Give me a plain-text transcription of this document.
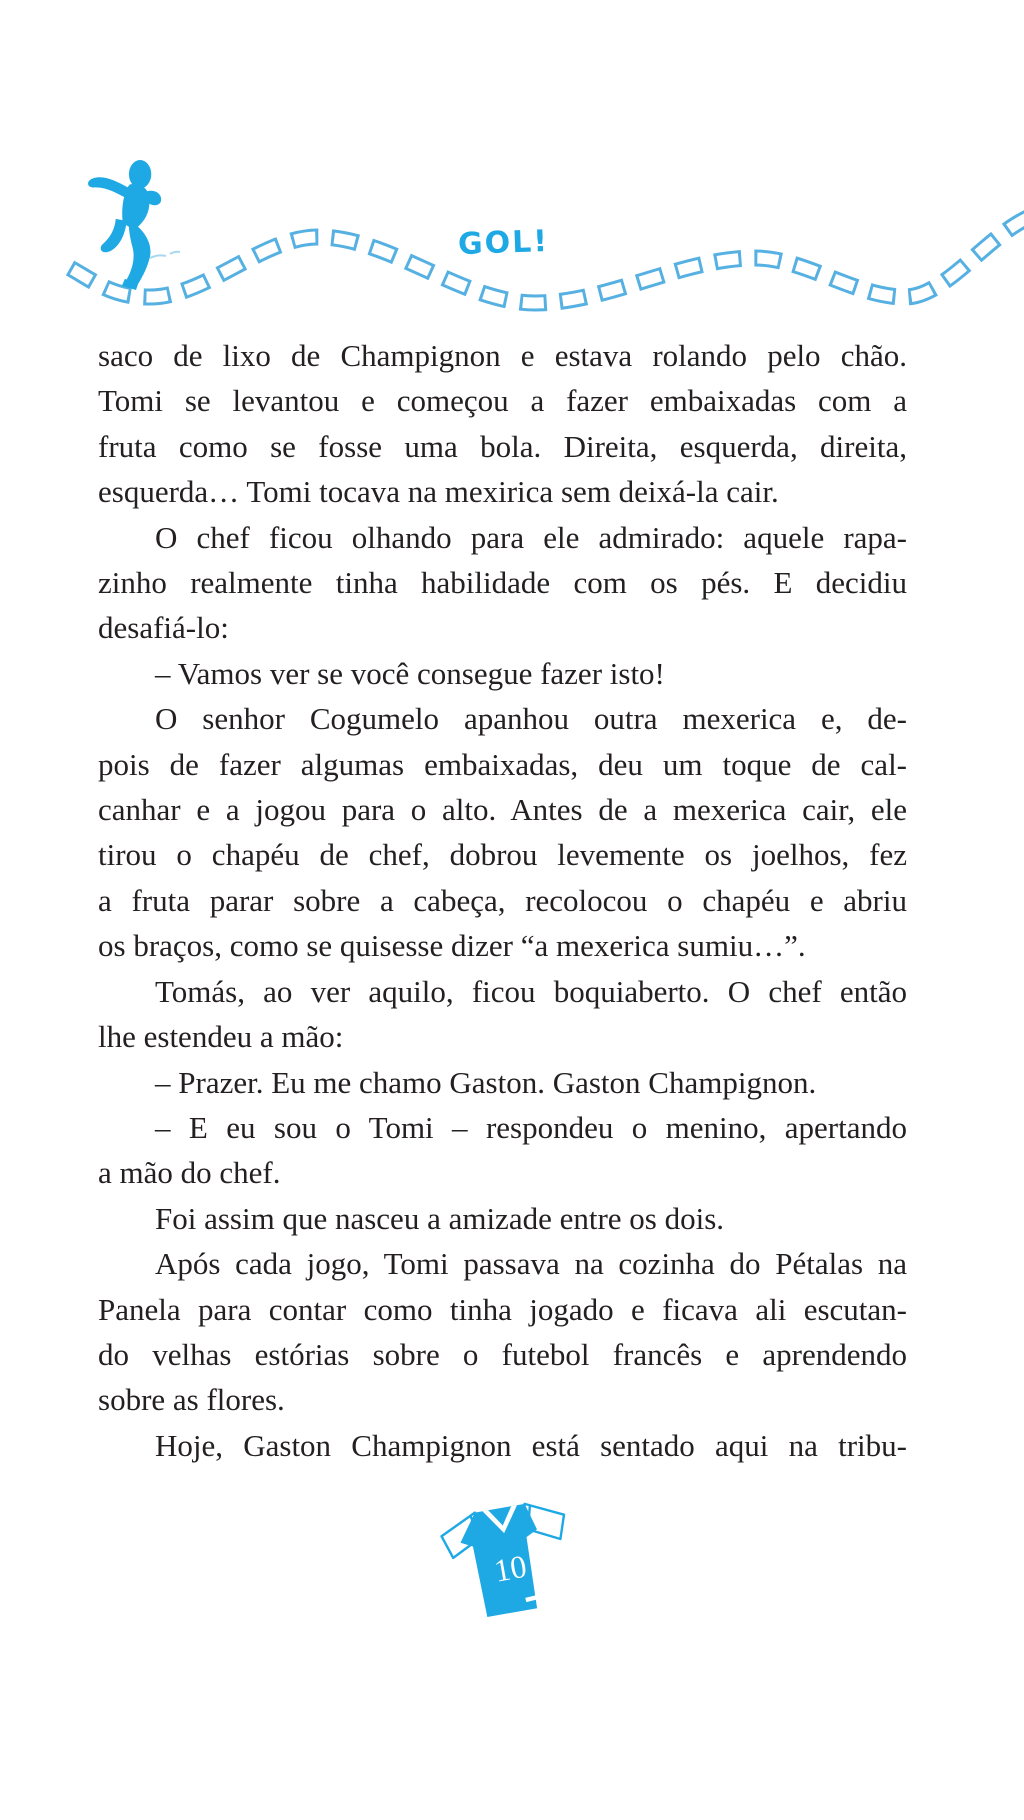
GOL!
saco de lixo de Champignon e estava rolando pelo chão.
Tomi se levantou e começou a fazer embaixadas com a
fruta como se fosse uma bola. Direita, esquerda, direita,
esquerda… Tomi tocava na mexirica sem deixá-la cair.
O chef ficou olhando para ele admirado: aquele rapa-
zinho realmente tinha habilidade com os pés. E decidiu
desafiá-lo:
– Vamos ver se você consegue fazer isto!
O senhor Cogumelo apanhou outra mexerica e, de-
pois de fazer algumas embaixadas, deu um toque de cal-
canhar e a jogou para o alto. Antes de a mexerica cair, ele
tirou o chapéu de chef, dobrou levemente os joelhos, fez
a fruta parar sobre a cabeça, recolocou o chapéu e abriu
os braços, como se quisesse dizer “a mexerica sumiu…”.
Tomás, ao ver aquilo, ficou boquiaberto. O chef então
lhe estendeu a mão:
– Prazer. Eu me chamo Gaston. Gaston Champignon.
– E eu sou o Tomi – respondeu o menino, apertando
a mão do chef.
Foi assim que nasceu a amizade entre os dois.
Após cada jogo, Tomi passava na cozinha do Pétalas na
Panela para contar como tinha jogado e ficava ali escutan-
do velhas estórias sobre o futebol francês e aprendendo
sobre as flores.
Hoje, Gaston Champignon está sentado aqui na tribu-
10
